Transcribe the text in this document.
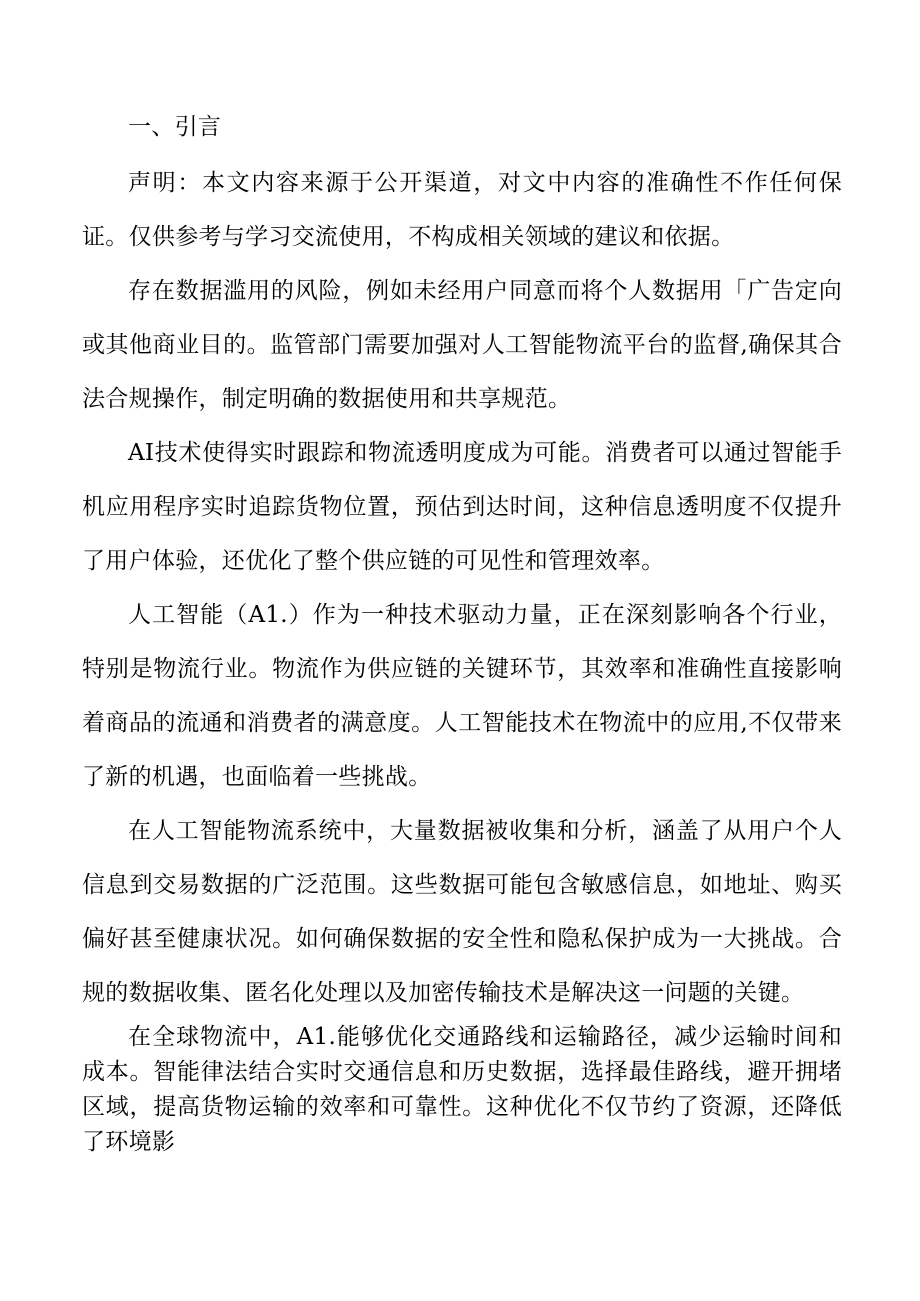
一、引言

声明：本文内容来源于公开渠道，对文中内容的准确性不作任何保证。仅供参考与学习交流使用，不构成相关领域的建议和依据。

存在数据滥用的风险，例如未经用户同意而将个人数据用「广告定向或其他商业目的。监管部门需要加强对人工智能物流平台的监督,确保其合法合规操作，制定明确的数据使用和共享规范。

AI技术使得实时跟踪和物流透明度成为可能。消费者可以通过智能手机应用程序实时追踪货物位置，预估到达时间，这种信息透明度不仅提升了用户体验，还优化了整个供应链的可见性和管理效率。

人工智能（A1.）作为一种技术驱动力量，正在深刻影响各个行业，特别是物流行业。物流作为供应链的关键环节，其效率和准确性直接影响着商品的流通和消费者的满意度。人工智能技术在物流中的应用,不仅带来了新的机遇，也面临着一些挑战。

在人工智能物流系统中，大量数据被收集和分析，涵盖了从用户个人信息到交易数据的广泛范围。这些数据可能包含敏感信息，如地址、购买偏好甚至健康状况。如何确保数据的安全性和隐私保护成为一大挑战。合规的数据收集、匿名化处理以及加密传输技术是解决这一问题的关键。

在全球物流中，A1.能够优化交通路线和运输路径，减少运输时间和成本。智能律法结合实时交通信息和历史数据，选择最佳路线，避开拥堵区域，提高货物运输的效率和可靠性。这种优化不仅节约了资源，还降低了环境影
